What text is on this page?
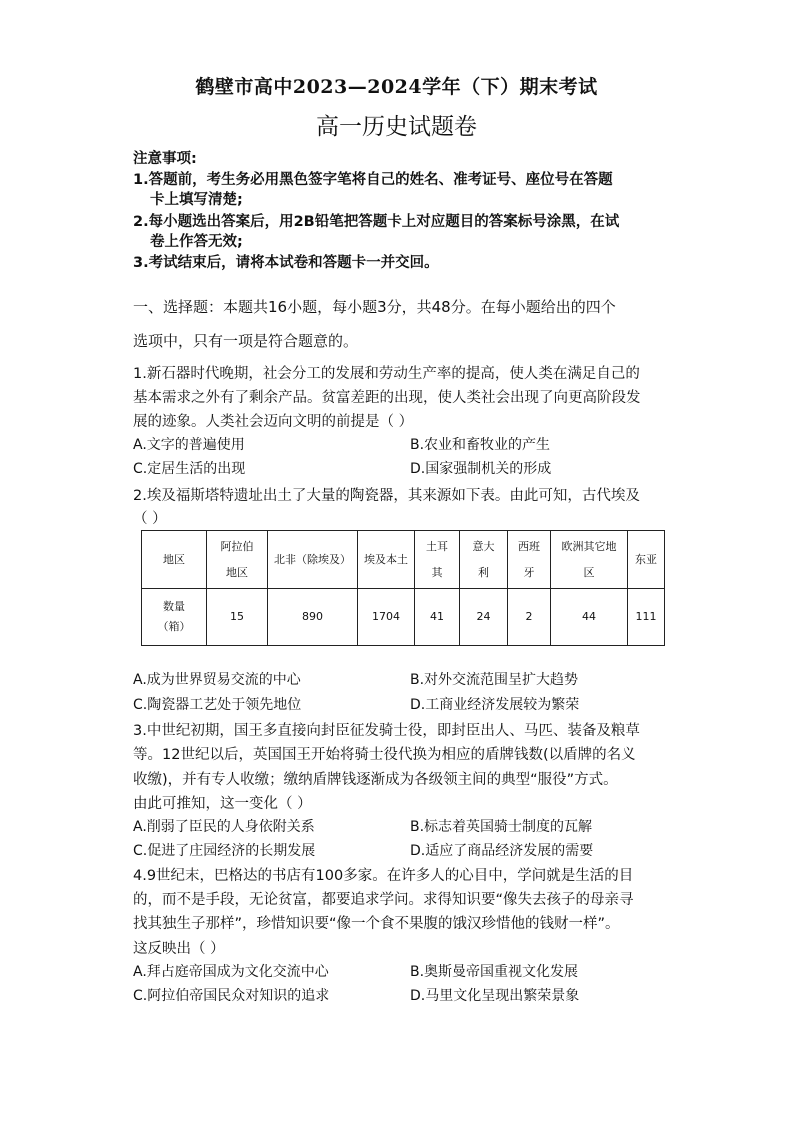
鹤壁市高中2023—2024学年（下）期末考试
高一历史试题卷
注意事项:
1.答题前，考生务必用黑色签字笔将自己的姓名、准考证号、座位号在答题
卡上填写清楚;
2.每小题选出答案后，用2B铅笔把答题卡上对应题目的答案标号涂黑，在试
卷上作答无效;
3.考试结束后，请将本试卷和答题卡一并交回。
一、选择题：本题共16小题，每小题3分，共48分。在每小题给出的四个
选项中，只有一项是符合题意的。
1.新石器时代晚期，社会分工的发展和劳动生产率的提高，使人类在满足自己的
基本需求之外有了剩余产品。贫富差距的出现，使人类社会出现了向更高阶段发
展的迹象。人类社会迈向文明的前提是（ ）
A.文字的普遍使用	B.农业和畜牧业的产生
C.定居生活的出现	D.国家强制机关的形成
2.埃及福斯塔特遗址出土了大量的陶瓷器，其来源如下表。由此可知，古代埃及
（ ）
地区	阿拉伯地区	北非（除埃及）	埃及本土	土耳其	意大利	西班牙	欧洲其它地区	东亚

数量（箱）	15	890	1704	41	24	2	44	111
A.成为世界贸易交流的中心	B.对外交流范围呈扩大趋势
C.陶瓷器工艺处于领先地位	D.工商业经济发展较为繁荣
3.中世纪初期，国王多直接向封臣征发骑士役，即封臣出人、马匹、装备及粮草
等。12世纪以后，英国国王开始将骑士役代换为相应的盾牌钱数(以盾牌的名义
收缴)，并有专人收缴；缴纳盾牌钱逐渐成为各级领主间的典型“服役”方式。
由此可推知，这一变化（ ）
A.削弱了臣民的人身依附关系	B.标志着英国骑士制度的瓦解
C.促进了庄园经济的长期发展	D.适应了商品经济发展的需要
4.9世纪末，巴格达的书店有100多家。在许多人的心目中，学问就是生活的目
的，而不是手段，无论贫富，都要追求学问。求得知识要“像失去孩子的母亲寻
找其独生子那样”，珍惜知识要“像一个食不果腹的饿汉珍惜他的钱财一样”。
这反映出（ ）
A.拜占庭帝国成为文化交流中心	B.奥斯曼帝国重视文化发展
C.阿拉伯帝国民众对知识的追求	D.马里文化呈现出繁荣景象
